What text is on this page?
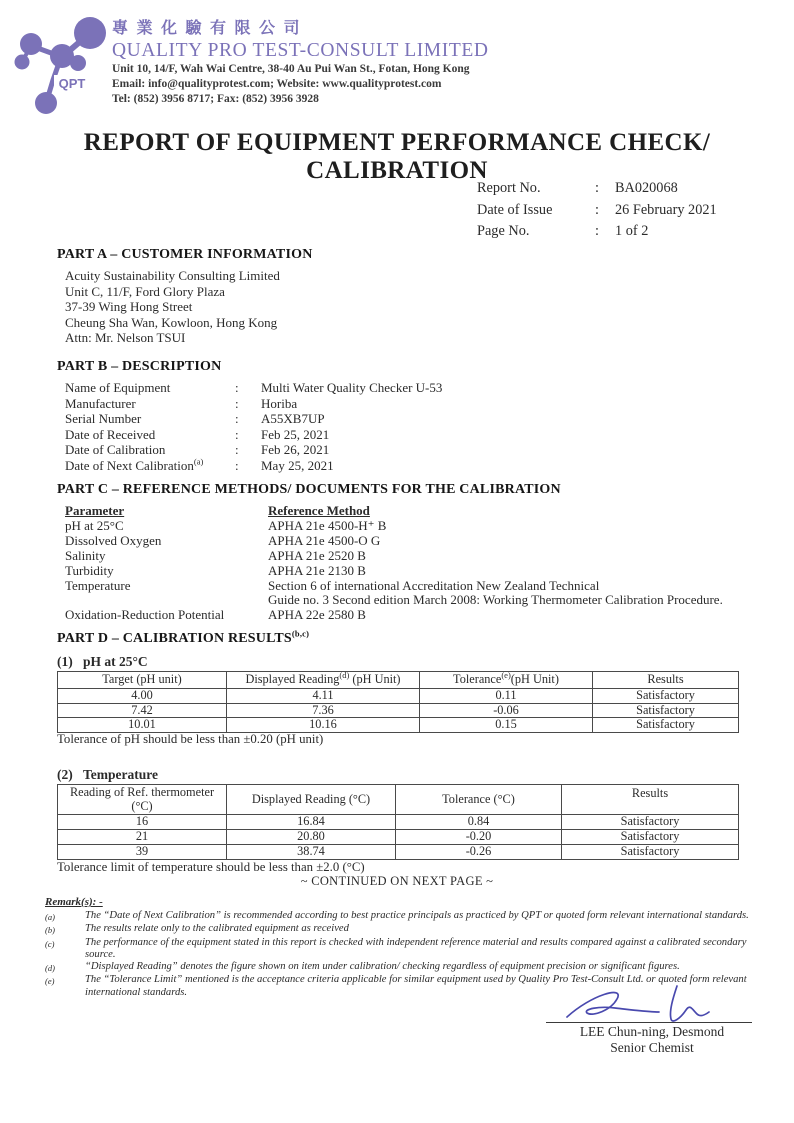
QPT
專業化驗有限公司
QUALITY PRO TEST-CONSULT LIMITED
Unit 10, 14/F, Wah Wai Centre, 38-40 Au Pui Wan St., Fotan, Hong Kong
Email: info@qualityprotest.com; Website: www.qualityprotest.com
Tel: (852) 3956 8717; Fax: (852) 3956 3928
REPORT OF EQUIPMENT PERFORMANCE CHECK/ CALIBRATION
Report No.	:	BA020068
Date of Issue	:	26 February 2021
Page No.	:	1 of 2
PART A – CUSTOMER INFORMATION
Acuity Sustainability Consulting Limited
Unit C, 11/F, Ford Glory Plaza
37-39 Wing Hong Street
Cheung Sha Wan, Kowloon, Hong Kong
Attn: Mr. Nelson TSUI
PART B – DESCRIPTION
Name of Equipment	:	Multi Water Quality Checker U-53
Manufacturer	:	Horiba
Serial Number	:	A55XB7UP
Date of Received	:	Feb 25, 2021
Date of Calibration	:	Feb 26, 2021
Date of Next Calibration$^{(a)}$	:	May 25, 2021
PART C – REFERENCE METHODS/ DOCUMENTS FOR THE CALIBRATION
Parameter	Reference Method
pH at 25°C	APHA 21e 4500-H⁺ B
Dissolved Oxygen	APHA 21e 4500-O G
Salinity	APHA 21e 2520 B
Turbidity	APHA 21e 2130 B
Temperature	Section 6 of international Accreditation New Zealand Technical
Guide no. 3 Second edition March 2008: Working Thermometer Calibration Procedure.
Oxidation-Reduction Potential	APHA 22e 2580 B
PART D – CALIBRATION RESULTS$^{(b,c)}$
(1) pH at 25°C
Target (pH unit)	Displayed Reading$^{(d)}$ (pH Unit)	Tolerance$^{(e)}$(pH Unit)	Results
4.00	4.11	0.11	Satisfactory
7.42	7.36	-0.06	Satisfactory
10.01	10.16	0.15	Satisfactory
Tolerance of pH should be less than ±0.20 (pH unit)
(2) Temperature
Reading of Ref. thermometer
(°C)	Displayed Reading (°C)	Tolerance (°C)	Results
16	16.84	0.84	Satisfactory
21	20.80	-0.20	Satisfactory
39	38.74	-0.26	Satisfactory
Tolerance limit of temperature should be less than ±2.0 (°C)
~ CONTINUED ON NEXT PAGE ~
Remark(s): -
(a)	The “Date of Next Calibration” is recommended according to best practice principals as practiced by QPT or quoted form relevant international standards.
(b)	The results relate only to the calibrated equipment as received
(c)	The performance of the equipment stated in this report is checked with independent reference material and results compared against a calibrated secondary source.
(d)	“Displayed Reading” denotes the figure shown on item under calibration/ checking regardless of equipment precision or significant figures.
(e)	The “Tolerance Limit” mentioned is the acceptance criteria applicable for similar equipment used by Quality Pro Test-Consult Ltd. or quoted form relevant international standards.
LEE Chun-ning, Desmond
Senior Chemist
